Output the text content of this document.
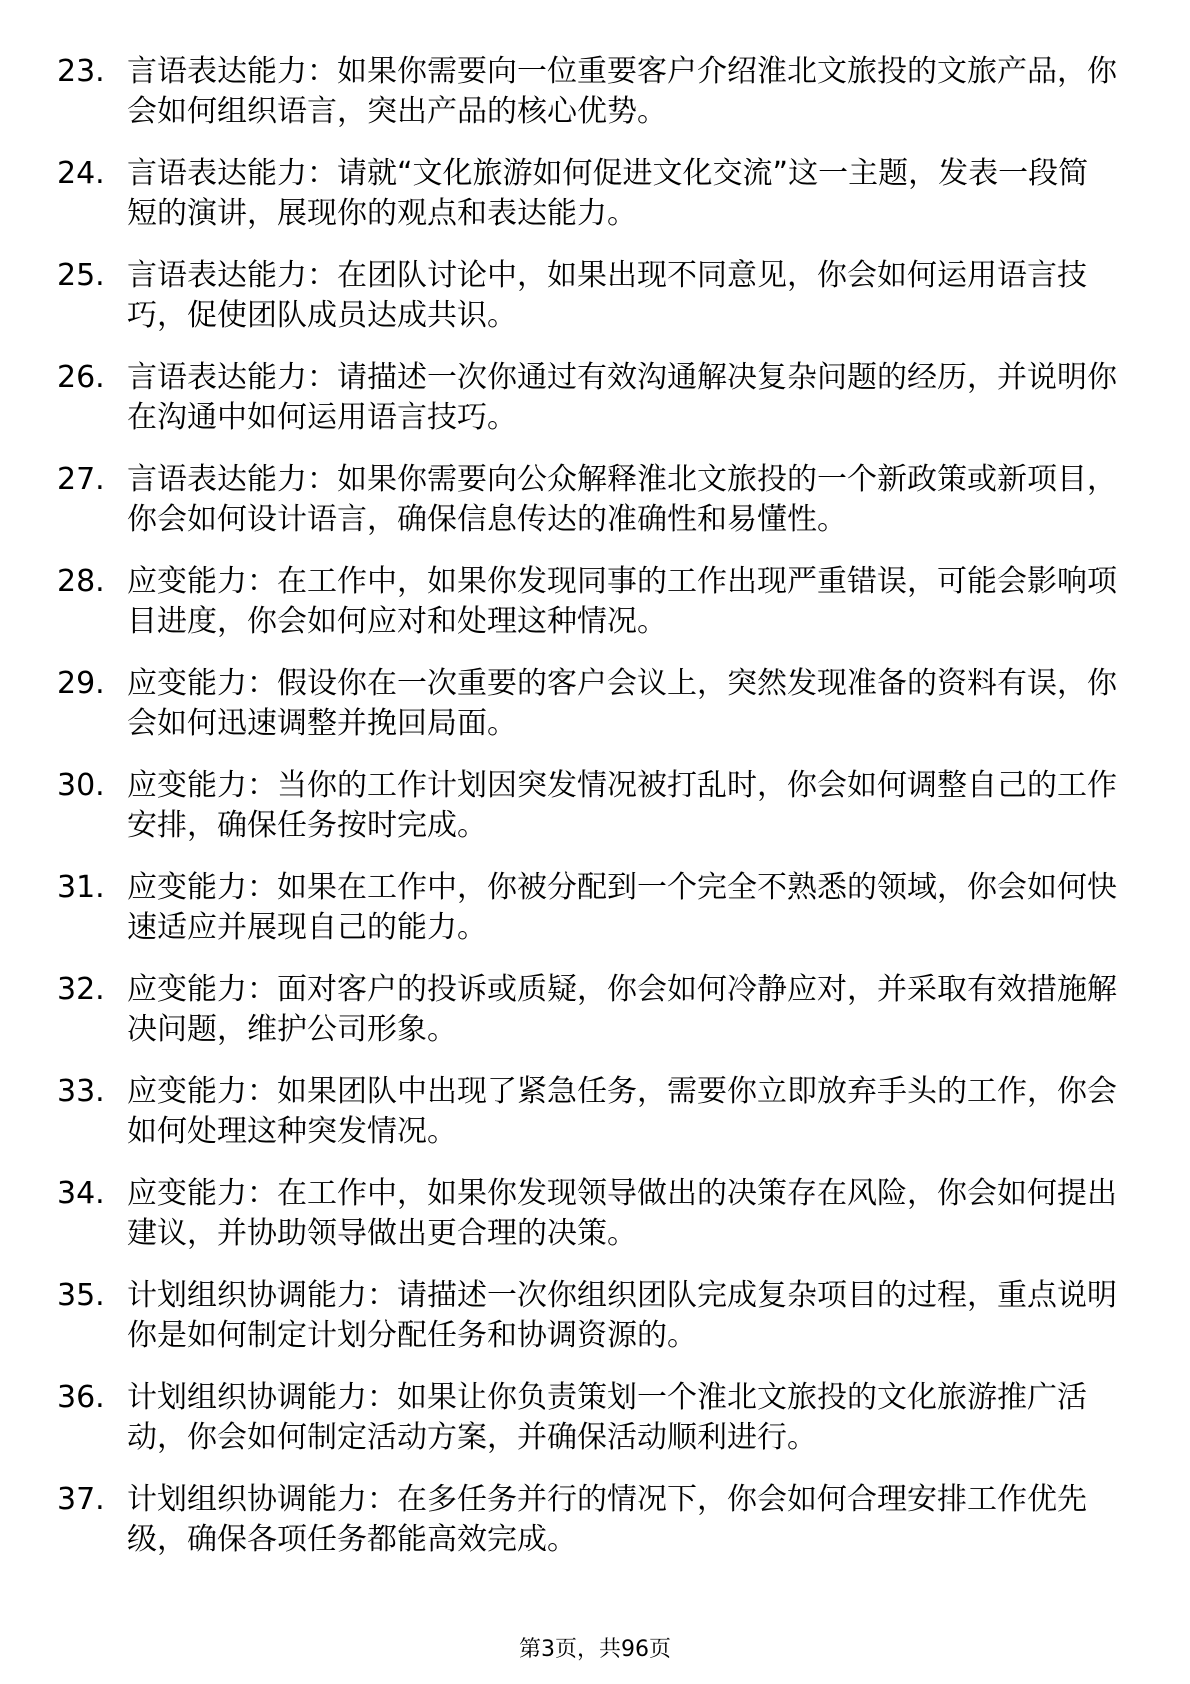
23. 言语表达能力：如果你需要向一位重要客户介绍淮北文旅投的文旅产品，你会如何组织语言，突出产品的核心优势。
24. 言语表达能力：请就“文化旅游如何促进文化交流”这一主题，发表一段简短的演讲，展现你的观点和表达能力。
25. 言语表达能力：在团队讨论中，如果出现不同意见，你会如何运用语言技巧，促使团队成员达成共识。
26. 言语表达能力：请描述一次你通过有效沟通解决复杂问题的经历，并说明你在沟通中如何运用语言技巧。
27. 言语表达能力：如果你需要向公众解释淮北文旅投的一个新政策或新项目，你会如何设计语言，确保信息传达的准确性和易懂性。
28. 应变能力：在工作中，如果你发现同事的工作出现严重错误，可能会影响项目进度，你会如何应对和处理这种情况。
29. 应变能力：假设你在一次重要的客户会议上，突然发现准备的资料有误，你会如何迅速调整并挽回局面。
30. 应变能力：当你的工作计划因突发情况被打乱时，你会如何调整自己的工作安排，确保任务按时完成。
31. 应变能力：如果在工作中，你被分配到一个完全不熟悉的领域，你会如何快速适应并展现自己的能力。
32. 应变能力：面对客户的投诉或质疑，你会如何冷静应对，并采取有效措施解决问题，维护公司形象。
33. 应变能力：如果团队中出现了紧急任务，需要你立即放弃手头的工作，你会如何处理这种突发情况。
34. 应变能力：在工作中，如果你发现领导做出的决策存在风险，你会如何提出建议，并协助领导做出更合理的决策。
35. 计划组织协调能力：请描述一次你组织团队完成复杂项目的过程，重点说明你是如何制定计划分配任务和协调资源的。
36. 计划组织协调能力：如果让你负责策划一个淮北文旅投的文化旅游推广活动，你会如何制定活动方案，并确保活动顺利进行。
37. 计划组织协调能力：在多任务并行的情况下，你会如何合理安排工作优先级，确保各项任务都能高效完成。
第3页，共96页
